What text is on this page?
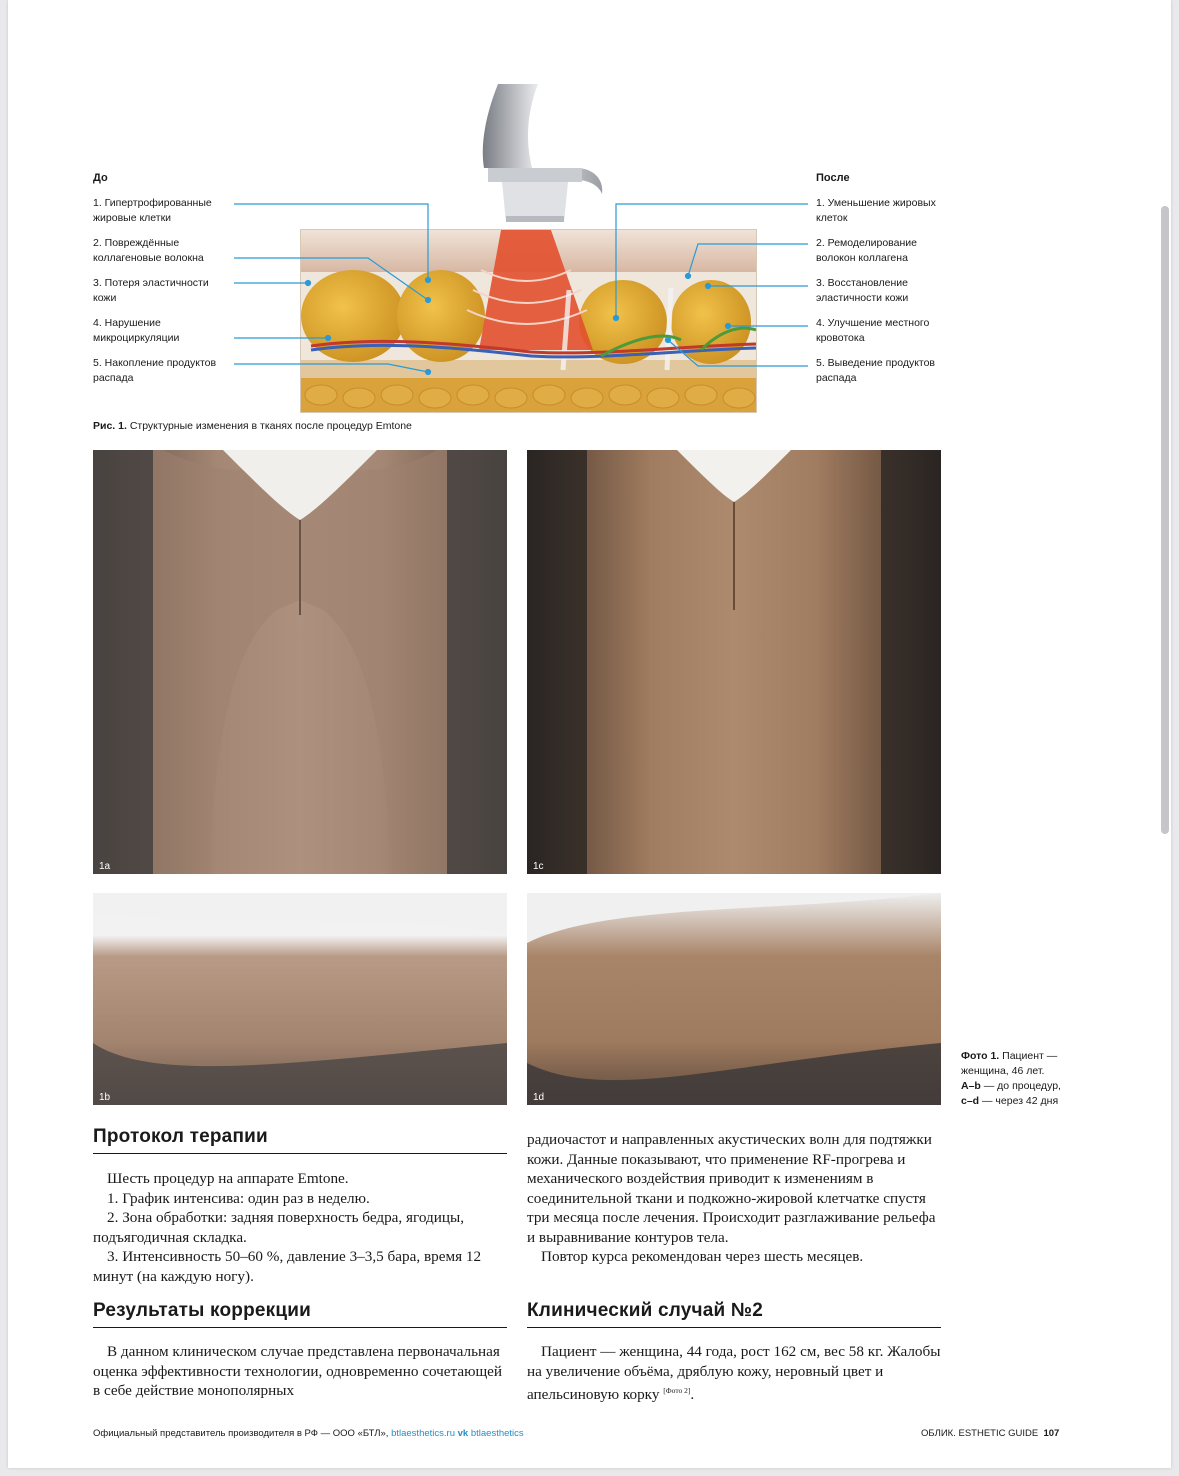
До	После
1. Гипертрофированные жировые клетки
2. Повреждённые коллагеновые волокна
3. Потеря эластичности кожи
4. Нарушение микроциркуляции
5. Накопление продуктов распада
1. Уменьшение жировых клеток
2. Ремоделирование волокон коллагена
3. Восстановление эластичности кожи
4. Улучшение местного кровотока
5. Выведение продуктов распада
Рис. 1. Структурные изменения в тканях после процедур Emtone
1a	1c
1b	1d
Фото 1. Пациент — женщина, 46 лет.
A–b — до процедур,
c–d — через 42 дня
Протокол терапии

Шесть процедур на аппарате Emtone.

1. График интенсива: один раз в неделю.

2. Зона обработки: задняя поверхность бедра, ягодицы, подъягодичная складка.

3. Интенсивность 50–60 %, давление 3–3,5 бара, время 12 минут (на каждую ногу).

Результаты коррекции

В данном клиническом случае представлена первоначальная оценка эффективности технологии, одновременно сочетающей в себе действие монополярных

радиочастот и направленных акустических волн для подтяжки кожи. Данные показывают, что применение RF-прогрева и механического воздействия приводит к изменениям в соединительной ткани и подкожно-жировой клетчатке спустя три месяца после лечения. Происходит разглаживание рельефа и выравнивание контуров тела.

Повтор курса рекомендован через шесть месяцев.

Клинический случай №2

Пациент — женщина, 44 года, рост 162 см, вес 58 кг. Жалобы на увеличение объёма, дряблую кожу, неровный цвет и апельсиновую корку [Фото 2].

Официальный представитель производителя в РФ — ООО «БТЛ», btlaesthetics.ru vk btlaesthetics	ОБЛИК. ESTHETIC GUIDE 107
